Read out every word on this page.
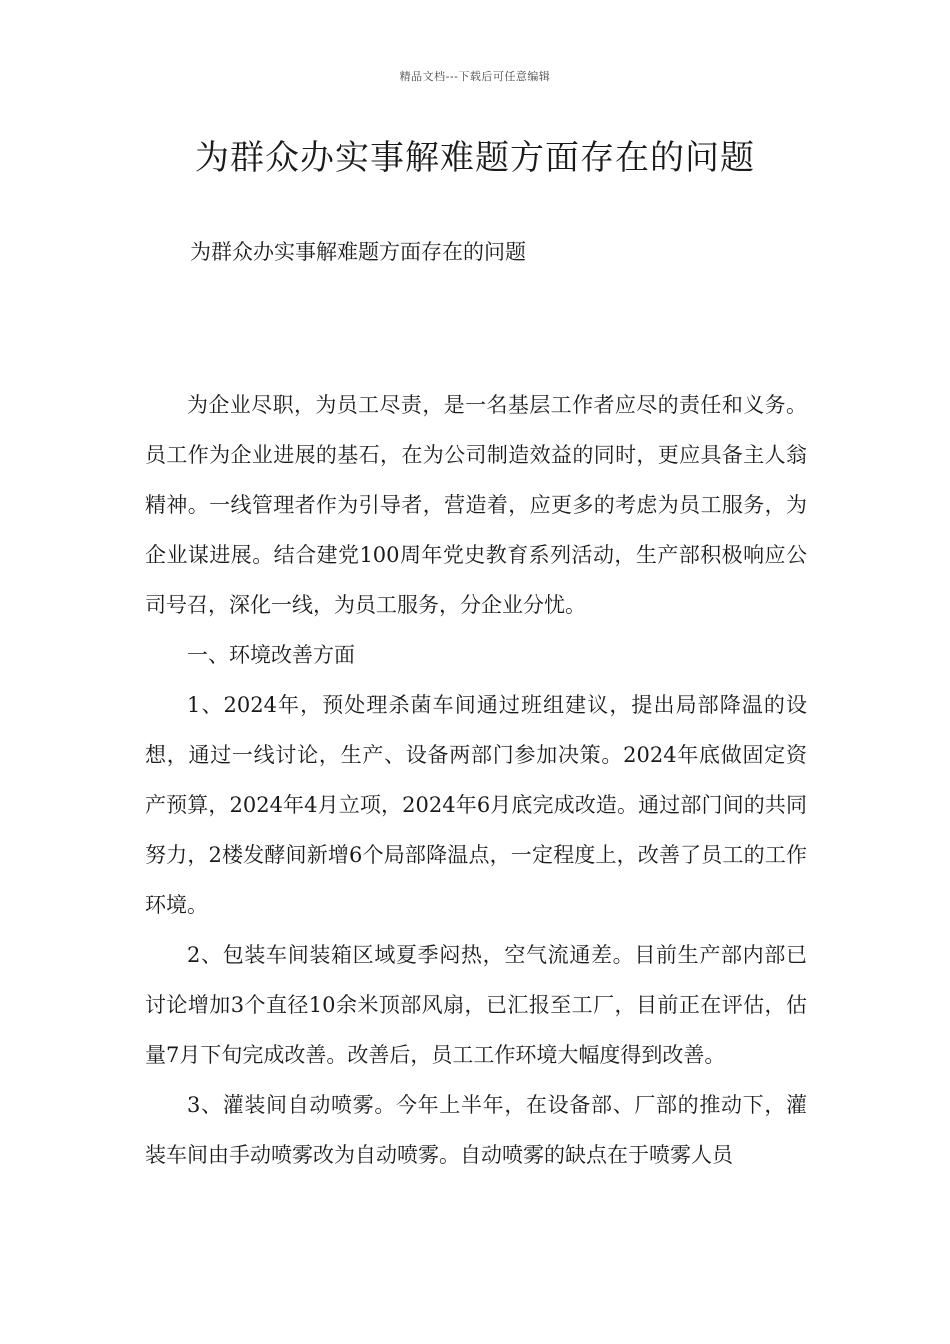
精品文档---下载后可任意编辑
为群众办实事解难题方面存在的问题

为群众办实事解难题方面存在的问题

为企业尽职，为员工尽责，是一名基层工作者应尽的责任和义务。员工作为企业进展的基石，在为公司制造效益的同时，更应具备主人翁精神。一线管理者作为引导者，营造着，应更多的考虑为员工服务，为企业谋进展。结合建党100周年党史教育系列活动，生产部积极响应公司号召，深化一线，为员工服务，分企业分忧。

一、环境改善方面

1、2024年，预处理杀菌车间通过班组建议，提出局部降温的设想，通过一线讨论，生产、设备两部门参加决策。2024年底做固定资产预算，2024年4月立项，2024年6月底完成改造。通过部门间的共同努力，2楼发酵间新增6个局部降温点，一定程度上，改善了员工的工作环境。

2、包装车间装箱区域夏季闷热，空气流通差。目前生产部内部已讨论增加3个直径10余米顶部风扇，已汇报至工厂，目前正在评估，估量7月下旬完成改善。改善后，员工工作环境大幅度得到改善。

3、灌装间自动喷雾。今年上半年，在设备部、厂部的推动下，灌装车间由手动喷雾改为自动喷雾。自动喷雾的缺点在于喷雾人员
